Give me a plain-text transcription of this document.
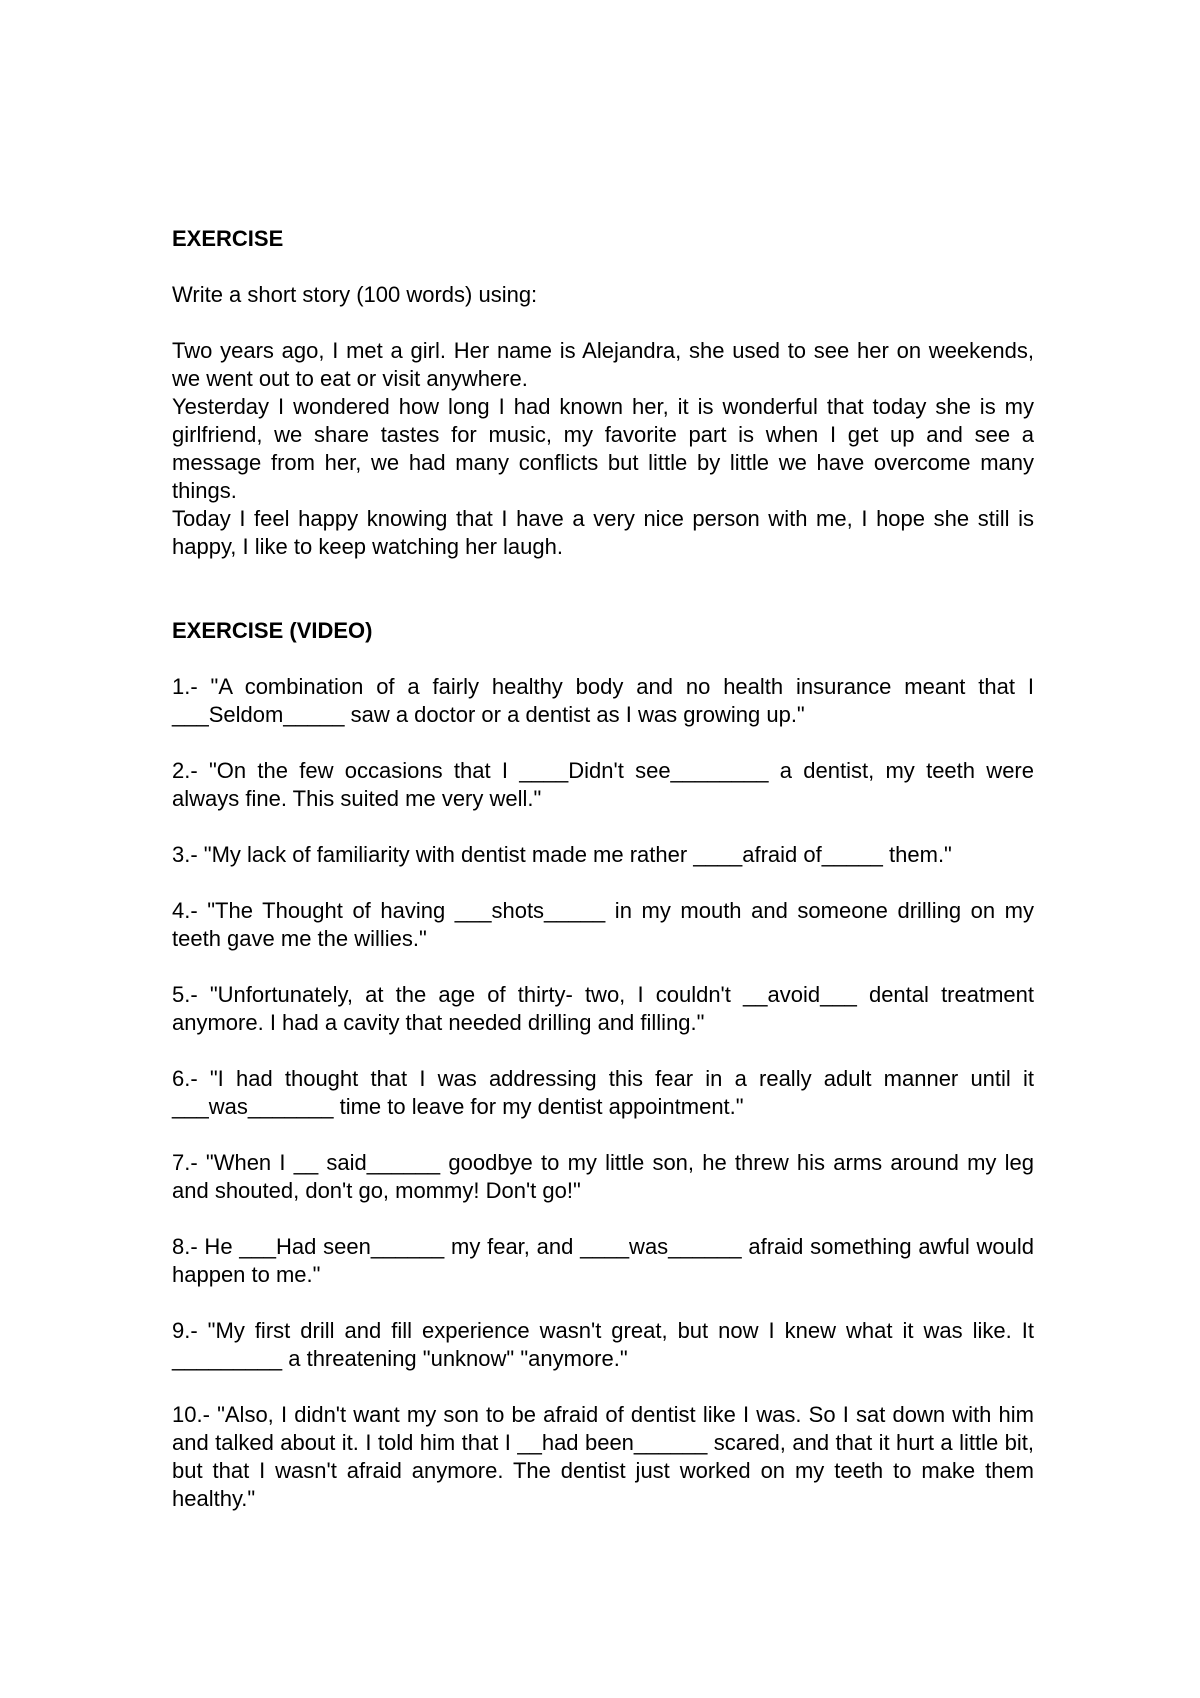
EXERCISE

Write a short story (100 words) using:

Two years ago, I met a girl. Her name is Alejandra, she used to see her on weekends, we went out to eat or visit anywhere.

Yesterday I wondered how long I had known her, it is wonderful that today she is my girlfriend, we share tastes for music, my favorite part is when I get up and see a message from her, we had many conflicts but little by little we have overcome many things.

Today I feel happy knowing that I have a very nice person with me, I hope she still is happy, I like to keep watching her laugh.

EXERCISE (VIDEO)

1.- "A combination of a fairly healthy body and no health insurance meant that I ___Seldom_____ saw a doctor or a dentist as I was growing up."

2.- "On the few occasions that I ____Didn't see________ a dentist, my teeth were always fine. This suited me very well."

3.- "My lack of familiarity with dentist made me rather ____afraid of_____ them."

4.- "The Thought of having ___shots_____ in my mouth and someone drilling on my teeth gave me the willies."

5.- "Unfortunately, at the age of thirty- two, I couldn't __avoid___ dental treatment anymore. I had a cavity that needed drilling and filling."

6.- "I had thought that I was addressing this fear in a really adult manner until it ___was_______ time to leave for my dentist appointment."

7.- "When I __ said______ goodbye to my little son, he threw his arms around my leg and shouted, don't go, mommy! Don't go!"

8.- He ___Had seen______ my fear, and ____was______ afraid something awful would happen to me."

9.- "My first drill and fill experience wasn't great, but now I knew what it was like. It _________ a threatening "unknow" "anymore."

10.- "Also, I didn't want my son to be afraid of dentist like I was. So I sat down with him and talked about it. I told him that I __had been______ scared, and that it hurt a little bit, but that I wasn't afraid anymore. The dentist just worked on my teeth to make them healthy."
